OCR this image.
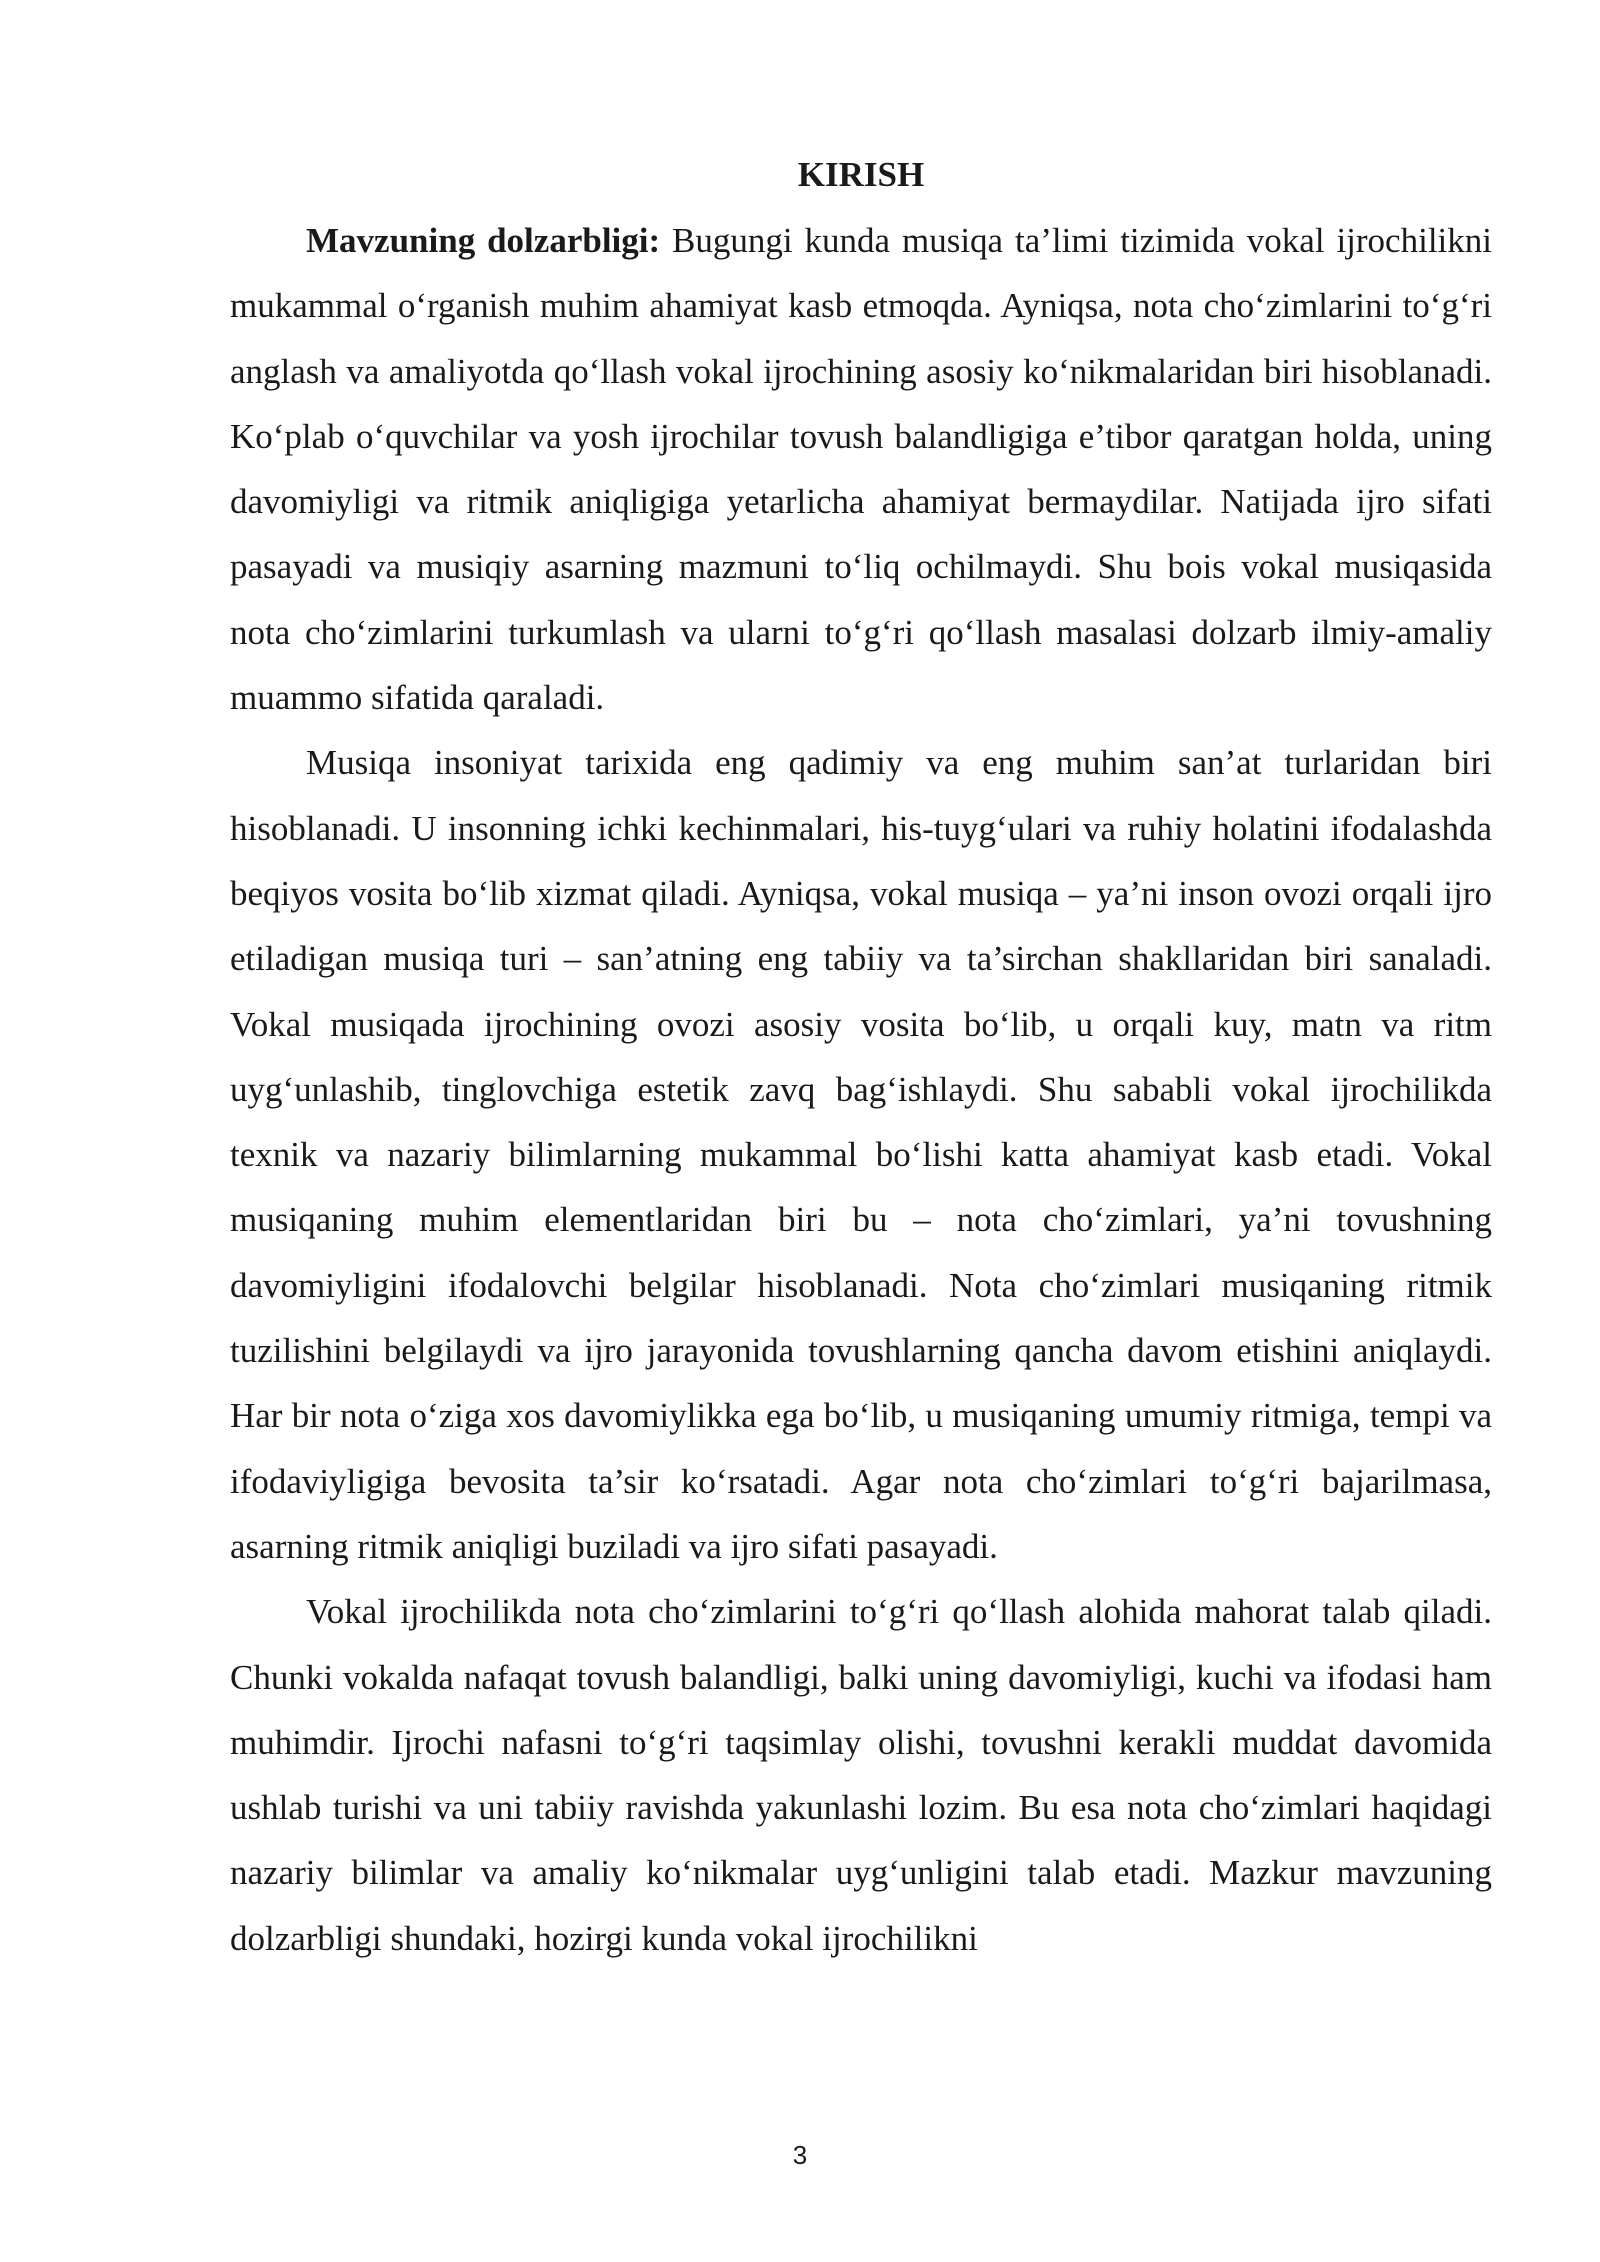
KIRISH

Mavzuning dolzarbligi: Bugungi kunda musiqa ta’limi tizimida vokal ijrochilikni mukammal o‘rganish muhim ahamiyat kasb etmoqda. Ayniqsa, nota cho‘zimlarini to‘g‘ri anglash va amaliyotda qo‘llash vokal ijrochining asosiy ko‘nikmalaridan biri hisoblanadi. Ko‘plab o‘quvchilar va yosh ijrochilar tovush balandligiga e’tibor qaratgan holda, uning davomiyligi va ritmik aniqligiga yetarlicha ahamiyat bermaydilar. Natijada ijro sifati pasayadi va musiqiy asarning mazmuni to‘liq ochilmaydi. Shu bois vokal musiqasida nota cho‘zimlarini turkumlash va ularni to‘g‘ri qo‘llash masalasi dolzarb ilmiy-amaliy muammo sifatida qaraladi.

Musiqa insoniyat tarixida eng qadimiy va eng muhim san’at turlaridan biri hisoblanadi. U insonning ichki kechinmalari, his-tuyg‘ulari va ruhiy holatini ifodalashda beqiyos vosita bo‘lib xizmat qiladi. Ayniqsa, vokal musiqa – ya’ni inson ovozi orqali ijro etiladigan musiqa turi – san’atning eng tabiiy va ta’sirchan shakllaridan biri sanaladi. Vokal musiqada ijrochining ovozi asosiy vosita bo‘lib, u orqali kuy, matn va ritm uyg‘unlashib, tinglovchiga estetik zavq bag‘ishlaydi. Shu sababli vokal ijrochilikda texnik va nazariy bilimlarning mukammal bo‘lishi katta ahamiyat kasb etadi. Vokal musiqaning muhim elementlaridan biri bu – nota cho‘zimlari, ya’ni tovushning davomiyligini ifodalovchi belgilar hisoblanadi. Nota cho‘zimlari musiqaning ritmik tuzilishini belgilaydi va ijro jarayonida tovushlarning qancha davom etishini aniqlaydi. Har bir nota o‘ziga xos davomiylikka ega bo‘lib, u musiqaning umumiy ritmiga, tempi va ifodaviyligiga bevosita ta’sir ko‘rsatadi. Agar nota cho‘zimlari to‘g‘ri bajarilmasa, asarning ritmik aniqligi buziladi va ijro sifati pasayadi.

Vokal ijrochilikda nota cho‘zimlarini to‘g‘ri qo‘llash alohida mahorat talab qiladi. Chunki vokalda nafaqat tovush balandligi, balki uning davomiyligi, kuchi va ifodasi ham muhimdir. Ijrochi nafasni to‘g‘ri taqsimlay olishi, tovushni kerakli muddat davomida ushlab turishi va uni tabiiy ravishda yakunlashi lozim. Bu esa nota cho‘zimlari haqidagi nazariy bilimlar va amaliy ko‘nikmalar uyg‘unligini talab etadi. Mazkur mavzuning dolzarbligi shundaki, hozirgi kunda vokal ijrochilikni

3
